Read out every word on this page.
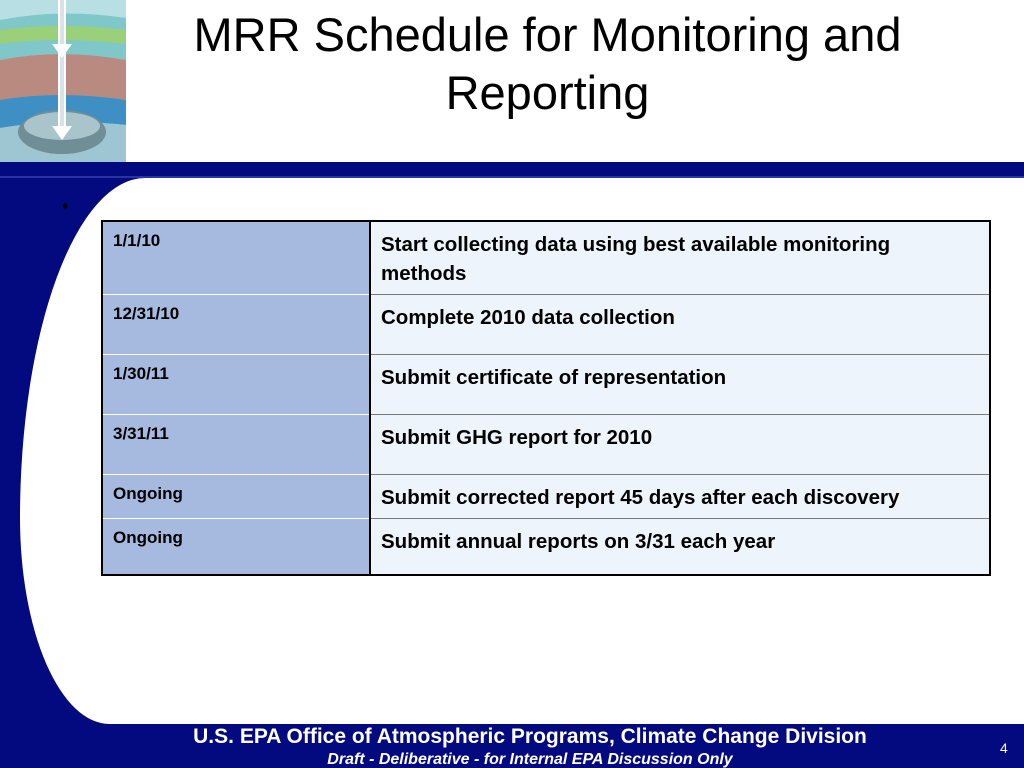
MRR Schedule for Monitoring and Reporting
•
1/1/10	Start collecting data using best available monitoring methods
12/31/10	Complete 2010 data collection
1/30/11	Submit certificate of representation
3/31/11	Submit GHG report for 2010
Ongoing	Submit corrected report 45 days after each discovery
Ongoing	Submit annual reports on 3/31 each year
U.S. EPA Office of Atmospheric Programs, Climate Change Division
Draft - Deliberative - for Internal EPA Discussion Only
4
